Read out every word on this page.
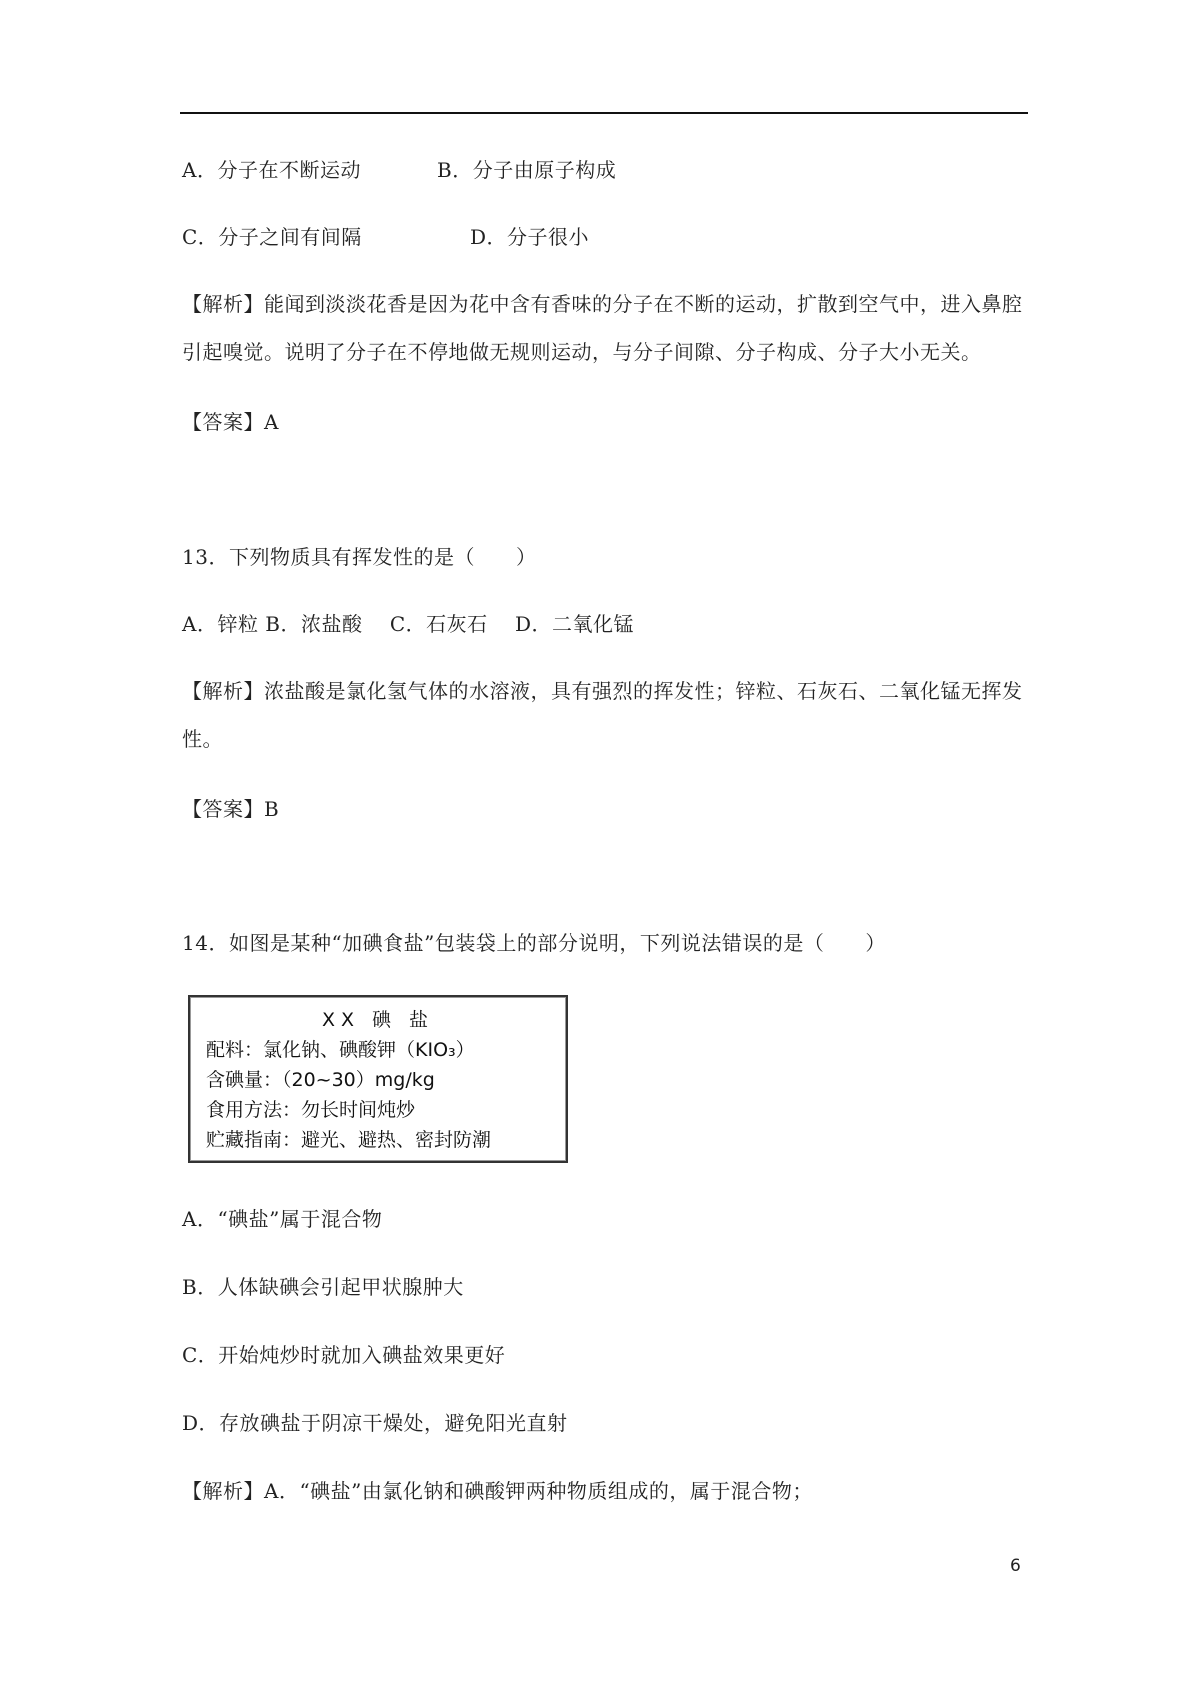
A．分子在不断运动	B．分子由原子构成
C．分子之间有间隔	D．分子很小
【解析】能闻到淡淡花香是因为花中含有香味的分子在不断的运动，扩散到空气中，进入鼻腔引起嗅觉。说明了分子在不停地做无规则运动，与分子间隙、分子构成、分子大小无关。
【答案】A
13．下列物质具有挥发性的是（　　）
A．锌粒 B．浓盐酸　 C．石灰石　 D．二氧化锰
【解析】浓盐酸是氯化氢气体的水溶液，具有强烈的挥发性；锌粒、石灰石、二氧化锰无挥发性。
【答案】B
14．如图是某种“加碘食盐”包装袋上的部分说明，下列说法错误的是（　　）
XX 碘 盐
配料：氯化钠、碘酸钾（KIO₃）
含碘量：（20~30）mg/kg
食用方法：勿长时间炖炒
贮藏指南：避光、避热、密封防潮
A．“碘盐”属于混合物
B．人体缺碘会引起甲状腺肿大
C．开始炖炒时就加入碘盐效果更好
D．存放碘盐于阴凉干燥处，避免阳光直射
【解析】A．“碘盐”由氯化钠和碘酸钾两种物质组成的，属于混合物；
6
